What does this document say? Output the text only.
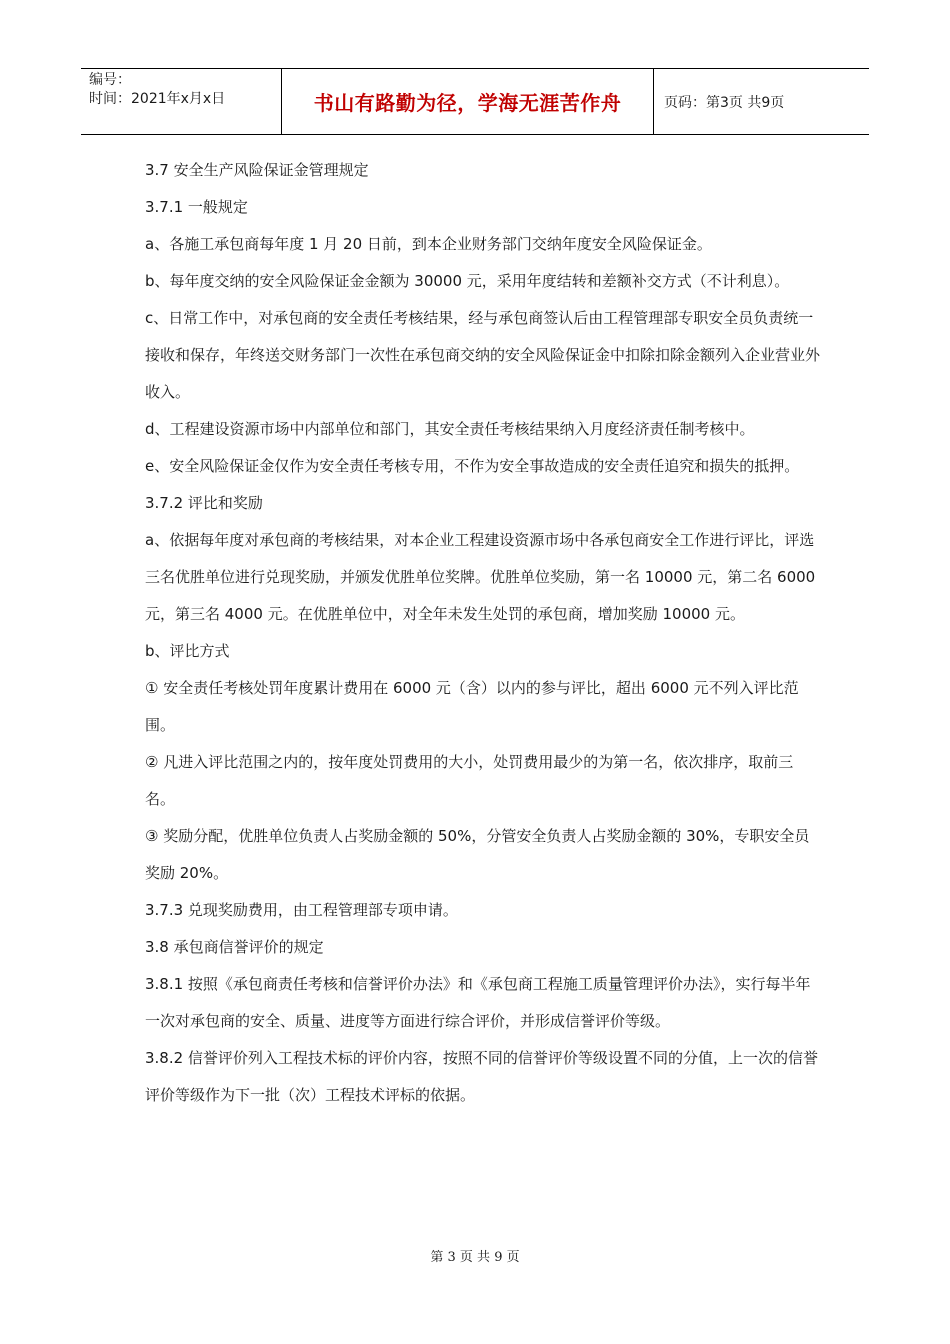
编号：
时间：2021年x月x日	书山有路勤为径，学海无涯苦作舟	页码：第3页 共9页

3.7 安全生产风险保证金管理规定

3.7.1 一般规定

a、各施工承包商每年度 1 月 20 日前，到本企业财务部门交纳年度安全风险保证金。

b、每年度交纳的安全风险保证金金额为 30000 元，采用年度结转和差额补交方式（不计利息）。

c、日常工作中，对承包商的安全责任考核结果，经与承包商签认后由工程管理部专职安全员负责统一接收和保存，年终送交财务部门一次性在承包商交纳的安全风险保证金中扣除扣除金额列入企业营业外收入。

d、工程建设资源市场中内部单位和部门，其安全责任考核结果纳入月度经济责任制考核中。

e、安全风险保证金仅作为安全责任考核专用，不作为安全事故造成的安全责任追究和损失的抵押。

3.7.2 评比和奖励

a、依据每年度对承包商的考核结果，对本企业工程建设资源市场中各承包商安全工作进行评比，评选三名优胜单位进行兑现奖励，并颁发优胜单位奖牌。优胜单位奖励，第一名 10000 元，第二名 6000 元，第三名 4000 元。在优胜单位中，对全年未发生处罚的承包商，增加奖励 10000 元。

b、评比方式

① 安全责任考核处罚年度累计费用在 6000 元（含）以内的参与评比，超出 6000 元不列入评比范围。

② 凡进入评比范围之内的，按年度处罚费用的大小，处罚费用最少的为第一名，依次排序，取前三名。

③ 奖励分配，优胜单位负责人占奖励金额的 50%，分管安全负责人占奖励金额的 30%，专职安全员奖励 20%。

3.7.3 兑现奖励费用，由工程管理部专项申请。

3.8 承包商信誉评价的规定

3.8.1 按照《承包商责任考核和信誉评价办法》和《承包商工程施工质量管理评价办法》，实行每半年一次对承包商的安全、质量、进度等方面进行综合评价，并形成信誉评价等级。

3.8.2 信誉评价列入工程技术标的评价内容，按照不同的信誉评价等级设置不同的分值，上一次的信誉评价等级作为下一批（次）工程技术评标的依据。

第 3 页 共 9 页
